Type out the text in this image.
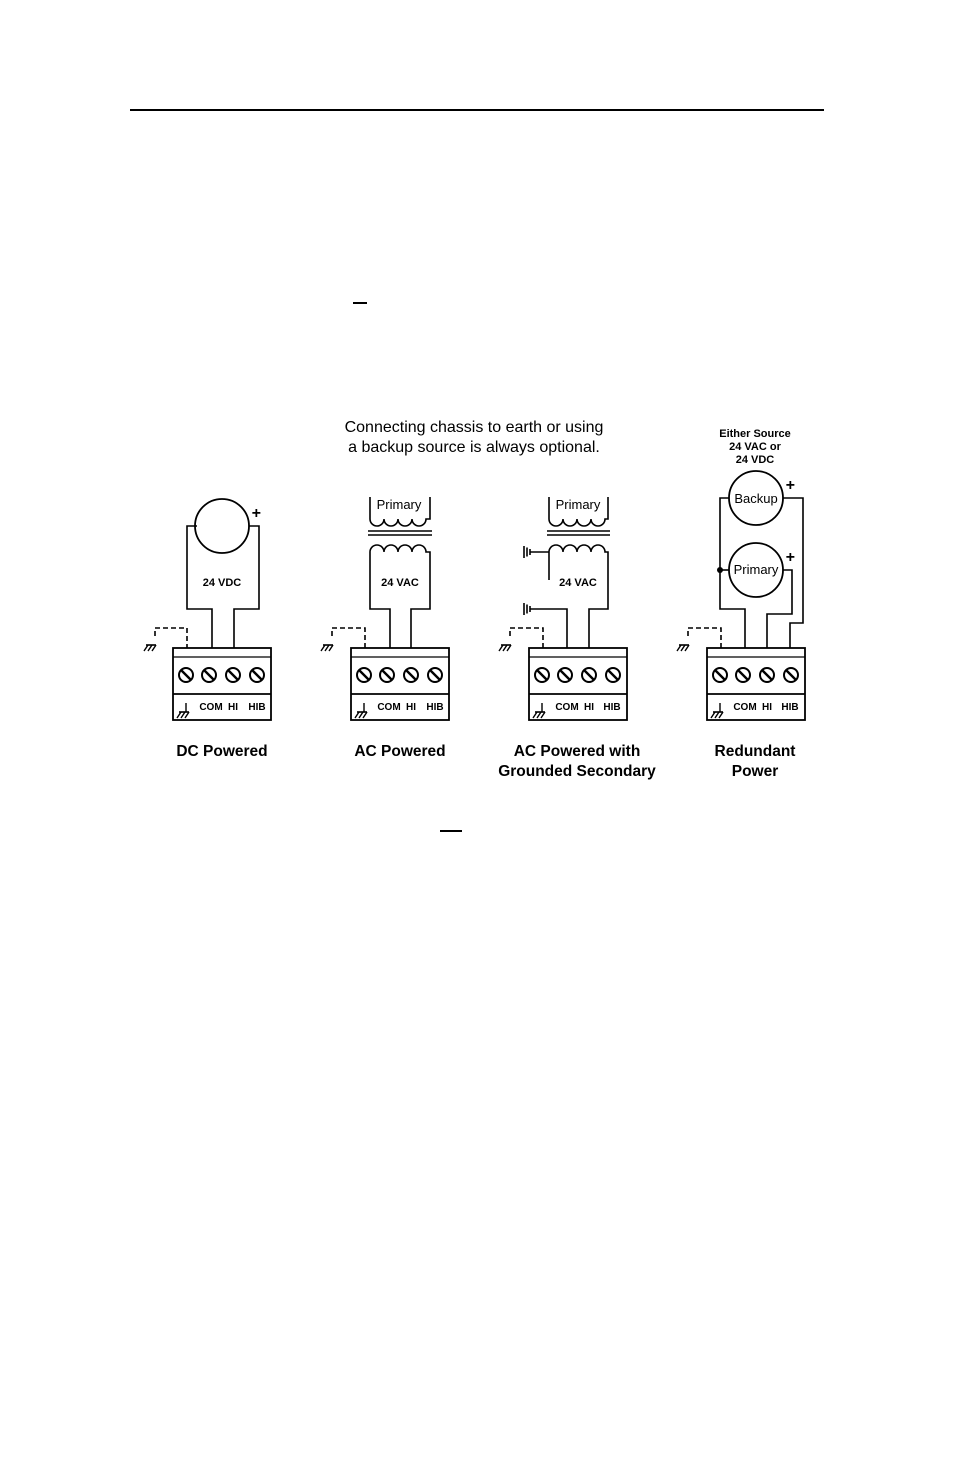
Connecting chassis to earth or using
a backup source is always optional.
+
24 VDC
COM HI HIB
DC Powered
Primary
24 VAC
COM HI HIB
AC Powered
Primary
24 VAC
COM HI HIB
AC Powered with
Grounded Secondary
Either Source
24 VAC or
24 VDC
Backup
+
Primary
+
COM HI HIB
Redundant
Power
